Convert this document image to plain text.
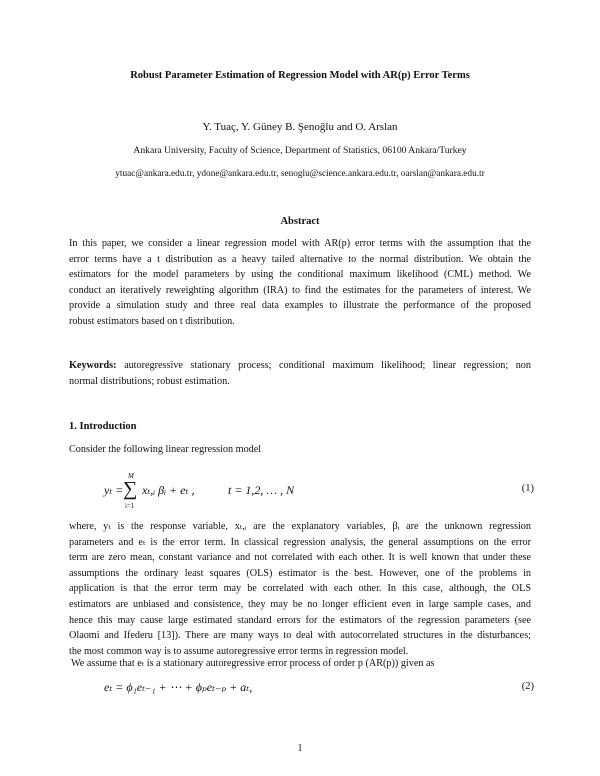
Robust Parameter Estimation of Regression Model with AR(p) Error Terms
Y. Tuaç, Y. Güney B. Şenoğlu and O. Arslan
Ankara University, Faculty of Science, Department of Statistics, 06100 Ankara/Turkey
ytuac@ankara.edu.tr, ydone@ankara.edu.tr, senoglu@science.ankara.edu.tr, oarslan@ankara.edu.tr
Abstract
In this paper, we consider a linear regression model with AR(p) error terms with the assumption that the
error terms have a t distribution as a heavy tailed alternative to the normal distribution. We obtain the
estimators for the model parameters by using the conditional maximum likelihood (CML) method. We
conduct an iteratively reweighting algorithm (IRA) to find the estimates for the parameters of interest. We
provide a simulation study and three real data examples to illustrate the performance of the proposed
robust estimators based on t distribution.
Keywords: autoregressive stationary process; conditional maximum likelihood; linear regression; non
normal distributions; robust estimation.
1. Introduction
Consider the following linear regression model
yₜ =
M
∑
i=1
xₜ,ᵢ βᵢ + eₜ ,	t = 1,2, … , N	(1)
where, yₜ is the response variable, xₜ,ᵢ are the explanatory variables, βᵢ are the unknown regression
parameters and eₜ is the error term. In classical regression analysis, the general assumptions on the error
term are zero mean, constant variance and not correlated with each other. It is well known that under these
assumptions the ordinary least squares (OLS) estimator is the best. However, one of the problems in
application is that the error term may be correlated with each other. In this case, although, the OLS
estimators are unbiased and consistence, they may be no longer efficient even in large sample cases, and
hence this may cause large estimated standard errors for the estimators of the regression parameters (see
Olaomi and Ifederu [13]). There are many ways to deal with autocorrelated structures in the disturbances;
the most common way is to assume autoregressive error terms in regression model.
We assume that eₜ is a stationary autoregressive error process of order p (AR(p)) given as
eₜ = ϕ₁eₜ₋₁ + ⋯ + ϕₚeₜ₋ₚ + aₜ,	(2)
1
